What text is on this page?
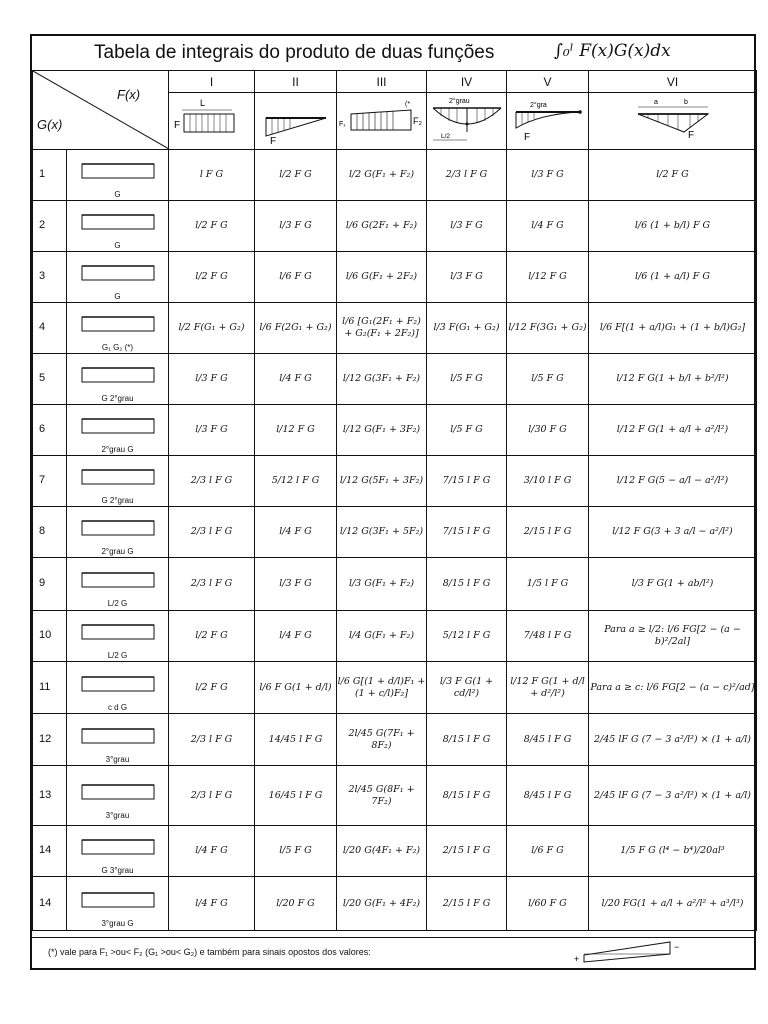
Tabela de integrais do produto de duas funções	∫₀ˡ F(x)G(x)dx
F(x)
G(x)		I	II	III	IV	V	VI

L
F	F	(*
F₁ F₂	2°grau
L/2	2°gra
F	a b
F

1	G	l F G	l/2 F G	l/2 G(F₁ + F₂)	2/3 l F G	l/3 F G	l/2 F G
2	G	l/2 F G	l/3 F G	l/6 G(2F₁ + F₂)	l/3 F G	l/4 F G	l/6 (1 + b/l) F G
3	G	l/2 F G	l/6 F G	l/6 G(F₁ + 2F₂)	l/3 F G	l/12 F G	l/6 (1 + a/l) F G
4	G₁ G₂ (*)	l/2 F(G₁ + G₂)	l/6 F(2G₁ + G₂)	l/6 [G₁(2F₁ + F₂) + G₂(F₁ + 2F₂)]	l/3 F(G₁ + G₂)	l/12 F(3G₁ + G₂)	l/6 F[(1 + a/l)G₁ + (1 + b/l)G₂]
5	G 2°grau	l/3 F G	l/4 F G	l/12 G(3F₁ + F₂)	l/5 F G	l/5 F G	l/12 F G(1 + b/l + b²/l²)
6	2°grau G	l/3 F G	l/12 F G	l/12 G(F₁ + 3F₂)	l/5 F G	l/30 F G	l/12 F G(1 + a/l + a²/l²)
7	G 2°grau	2/3 l F G	5/12 l F G	l/12 G(5F₁ + 3F₂)	7/15 l F G	3/10 l F G	l/12 F G(5 − a/l − a²/l²)
8	2°grau G	2/3 l F G	l/4 F G	l/12 G(3F₁ + 5F₂)	7/15 l F G	2/15 l F G	l/12 F G(3 + 3 a/l − a²/l²)
9	L/2 G	2/3 l F G	l/3 F G	l/3 G(F₁ + F₂)	8/15 l F G	1/5 l F G	l/3 F G(1 + ab/l²)
10	L/2 G	l/2 F G	l/4 F G	l/4 G(F₁ + F₂)	5/12 l F G	7/48 l F G	Para a ≥ l/2: l/6 FG[2 − (a − b)²/2al]
11	c d G	l/2 F G	l/6 F G(1 + d/l)	l/6 G[(1 + d/l)F₁ + (1 + c/l)F₂]	l/3 F G(1 + cd/l²)	l/12 F G(1 + d/l + d²/l²)	Para a ≥ c: l/6 FG[2 − (a − c)²/ad]
12	3°grau	2/3 l F G	14/45 l F G	2l/45 G(7F₁ + 8F₂)	8/15 l F G	8/45 l F G	2/45 lF G (7 − 3 a²/l²) × (1 + a/l)
13	3°grau	2/3 l F G	16/45 l F G	2l/45 G(8F₁ + 7F₂)	8/15 l F G	8/45 l F G	2/45 lF G (7 − 3 a²/l²) × (1 + a/l)
14	G 3°grau	l/4 F G	l/5 F G	l/20 G(4F₁ + F₂)	2/15 l F G	l/6 F G	1/5 F G (l⁴ − b⁴)/20al³
14	3°grau G	l/4 F G	l/20 F G	l/20 G(F₁ + 4F₂)	2/15 l F G	l/60 F G	l/20 FG(1 + a/l + a²/l² + a³/l³)
(*) vale para F₁ >ou< F₂ (G₁ >ou< G₂) e também para sinais opostos dos valores:
+
−
